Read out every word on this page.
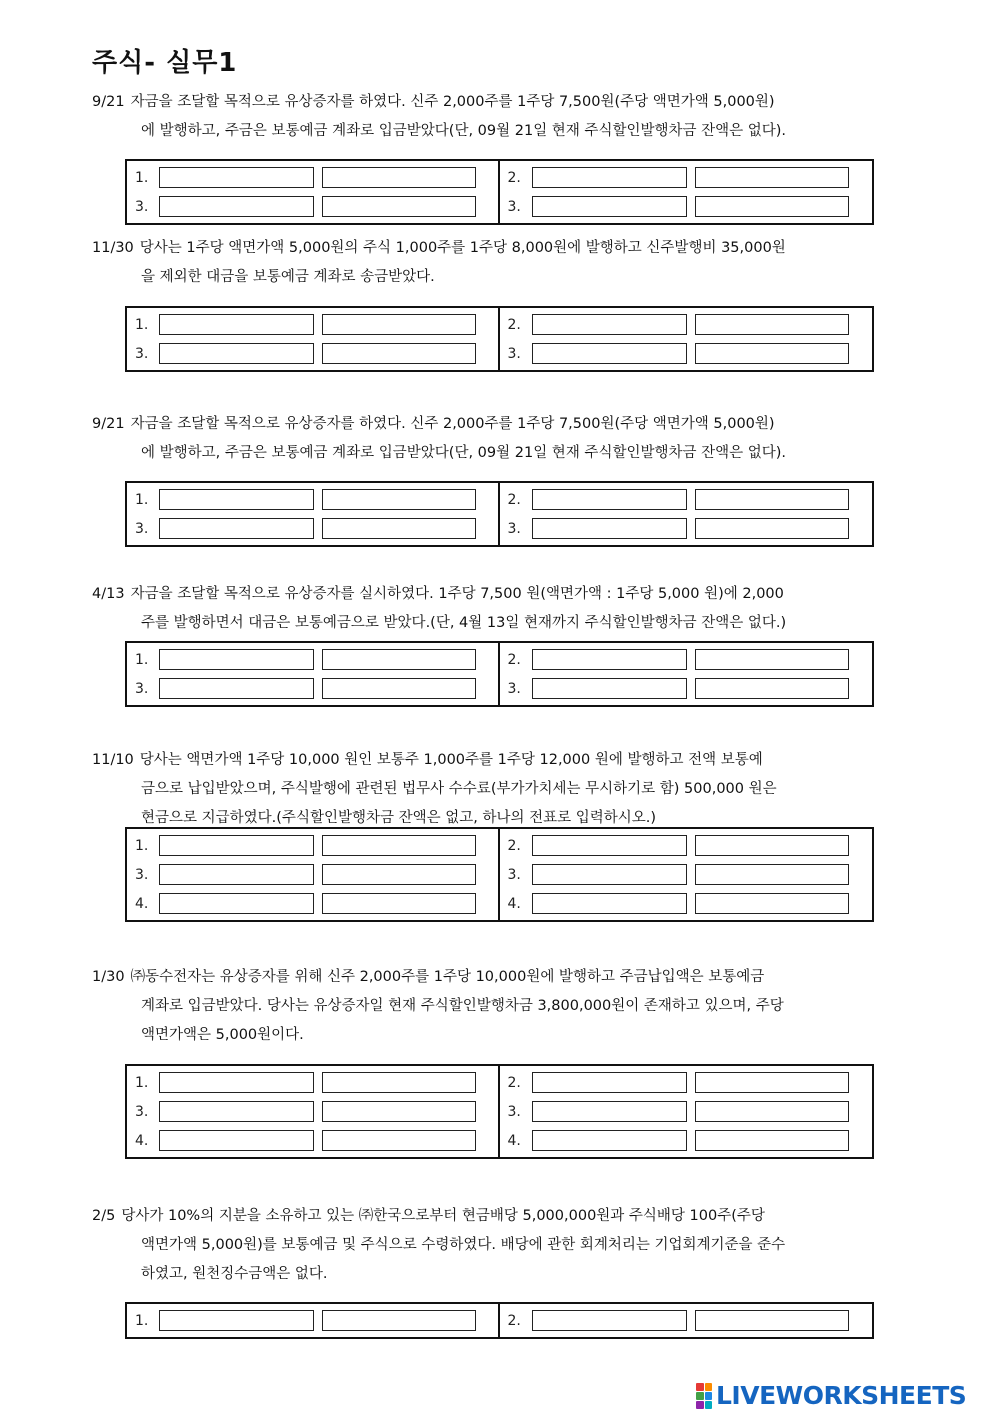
주식- 실무1
9/21 자금을 조달할 목적으로 유상증자를 하였다. 신주 2,000주를 1주당 7,500원(주당 액면가액 5,000원)
에 발행하고, 주금은 보통예금 계좌로 입금받았다(단, 09월 21일 현재 주식할인발행차금 잔액은 없다).
1.
3.
2.
3.
11/30 당사는 1주당 액면가액 5,000원의 주식 1,000주를 1주당 8,000원에 발행하고 신주발행비 35,000원
을 제외한 대금을 보통예금 계좌로 송금받았다.
1.
3.
2.
3.
9/21 자금을 조달할 목적으로 유상증자를 하였다. 신주 2,000주를 1주당 7,500원(주당 액면가액 5,000원)
에 발행하고, 주금은 보통예금 계좌로 입금받았다(단, 09월 21일 현재 주식할인발행차금 잔액은 없다).
1.
3.
2.
3.
4/13 자금을 조달할 목적으로 유상증자를 실시하였다. 1주당 7,500 원(액면가액 : 1주당 5,000 원)에 2,000
주를 발행하면서 대금은 보통예금으로 받았다.(단, 4월 13일 현재까지 주식할인발행차금 잔액은 없다.)
1.
3.
2.
3.
11/10 당사는 액면가액 1주당 10,000 원인 보통주 1,000주를 1주당 12,000 원에 발행하고 전액 보통예
금으로 납입받았으며, 주식발행에 관련된 법무사 수수료(부가가치세는 무시하기로 함) 500,000 원은
현금으로 지급하였다.(주식할인발행차금 잔액은 없고, 하나의 전표로 입력하시오.)
1.
3.
4.
2.
3.
4.
1/30 ㈜동수전자는 유상증자를 위해 신주 2,000주를 1주당 10,000원에 발행하고 주금납입액은 보통예금
계좌로 입금받았다. 당사는 유상증자일 현재 주식할인발행차금 3,800,000원이 존재하고 있으며, 주당
액면가액은 5,000원이다.
1.
3.
4.
2.
3.
4.
2/5 당사가 10%의 지분을 소유하고 있는 ㈜한국으로부터 현금배당 5,000,000원과 주식배당 100주(주당
액면가액 5,000원)를 보통예금 및 주식으로 수령하였다. 배당에 관한 회계처리는 기업회계기준을 준수
하였고, 원천징수금액은 없다.
1.	2.
LIVEWORKSHEETS
